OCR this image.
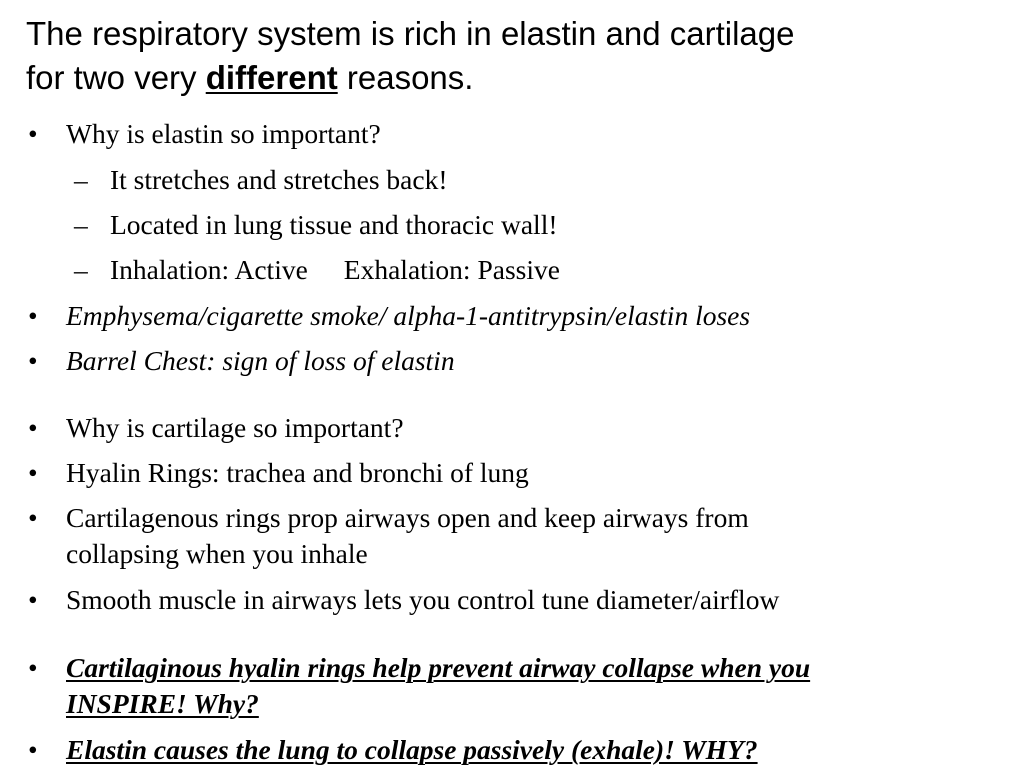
The respiratory system is rich in elastin and cartilage
for two very different reasons.
•	Why is elastin so important?
– It stretches and stretches back!
– Located in lung tissue and thoracic wall!
– Inhalation: Active Exhalation: Passive
•	Emphysema/cigarette smoke/ alpha-1-antitrypsin/elastin loses
•	Barrel Chest: sign of loss of elastin
•	Why is cartilage so important?
•	Hyalin Rings: trachea and bronchi of lung
•	Cartilagenous rings prop airways open and keep airways from
collapsing when you inhale
•	Smooth muscle in airways lets you control tune diameter/airflow
•	Cartilaginous hyalin rings help prevent airway collapse when you
INSPIRE! Why?
•	Elastin causes the lung to collapse passively (exhale)! WHY?
